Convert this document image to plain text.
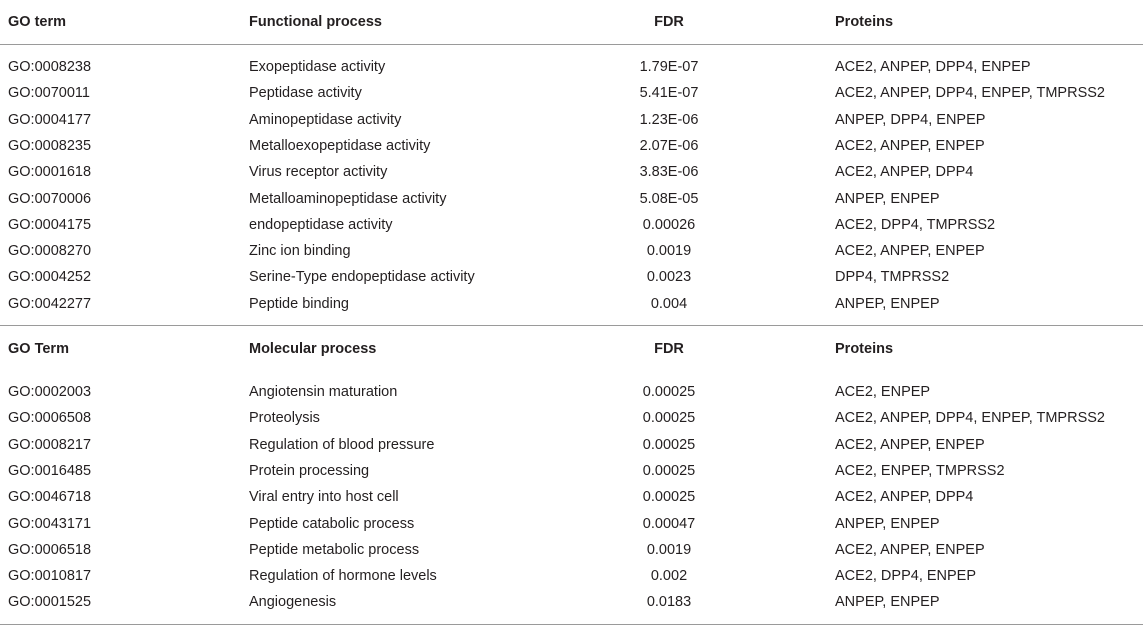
GO term	Functional process	FDR	Proteins
GO:0008238	Exopeptidase activity	1.79E-07	ACE2, ANPEP, DPP4, ENPEP
GO:0070011	Peptidase activity	5.41E-07	ACE2, ANPEP, DPP4, ENPEP, TMPRSS2
GO:0004177	Aminopeptidase activity	1.23E-06	ANPEP, DPP4, ENPEP
GO:0008235	Metalloexopeptidase activity	2.07E-06	ACE2, ANPEP, ENPEP
GO:0001618	Virus receptor activity	3.83E-06	ACE2, ANPEP, DPP4
GO:0070006	Metalloaminopeptidase activity	5.08E-05	ANPEP, ENPEP
GO:0004175	endopeptidase activity	0.00026	ACE2, DPP4, TMPRSS2
GO:0008270	Zinc ion binding	0.0019	ACE2, ANPEP, ENPEP
GO:0004252	Serine-Type endopeptidase activity	0.0023	DPP4, TMPRSS2
GO:0042277	Peptide binding	0.004	ANPEP, ENPEP
GO Term	Molecular process	FDR	Proteins
GO:0002003	Angiotensin maturation	0.00025	ACE2, ENPEP
GO:0006508	Proteolysis	0.00025	ACE2, ANPEP, DPP4, ENPEP, TMPRSS2
GO:0008217	Regulation of blood pressure	0.00025	ACE2, ANPEP, ENPEP
GO:0016485	Protein processing	0.00025	ACE2, ENPEP, TMPRSS2
GO:0046718	Viral entry into host cell	0.00025	ACE2, ANPEP, DPP4
GO:0043171	Peptide catabolic process	0.00047	ANPEP, ENPEP
GO:0006518	Peptide metabolic process	0.0019	ACE2, ANPEP, ENPEP
GO:0010817	Regulation of hormone levels	0.002	ACE2, DPP4, ENPEP
GO:0001525	Angiogenesis	0.0183	ANPEP, ENPEP
